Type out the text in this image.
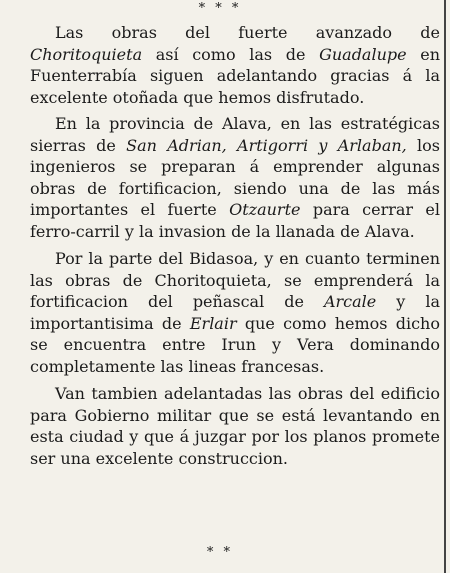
* * *

Las obras del fuerte avanzado de Choritoquieta así como las de Guadalupe en Fuenterrabía siguen adelantando gracias á la excelente otoñada que hemos disfrutado.

En la provincia de Alava, en las estratégicas sierras de San Adrian, Artigorri y Arlaban, los ingenieros se preparan á emprender algunas obras de fortificacion, siendo una de las más importantes el fuerte Otzaurte para cerrar el ferro-carril y la invasion de la llanada de Alava.

Por la parte del Bidasoa, y en cuanto terminen las obras de Choritoquieta, se emprenderá la fortificacion del peñascal de Arcale y la importantisima de Erlair que como hemos dicho se encuentra entre Irun y Vera dominando completamente las lineas francesas.

Van tambien adelantadas las obras del edificio para Gobierno militar que se está levantando en esta ciudad y que á juzgar por los planos promete ser una excelente construccion.

* *
